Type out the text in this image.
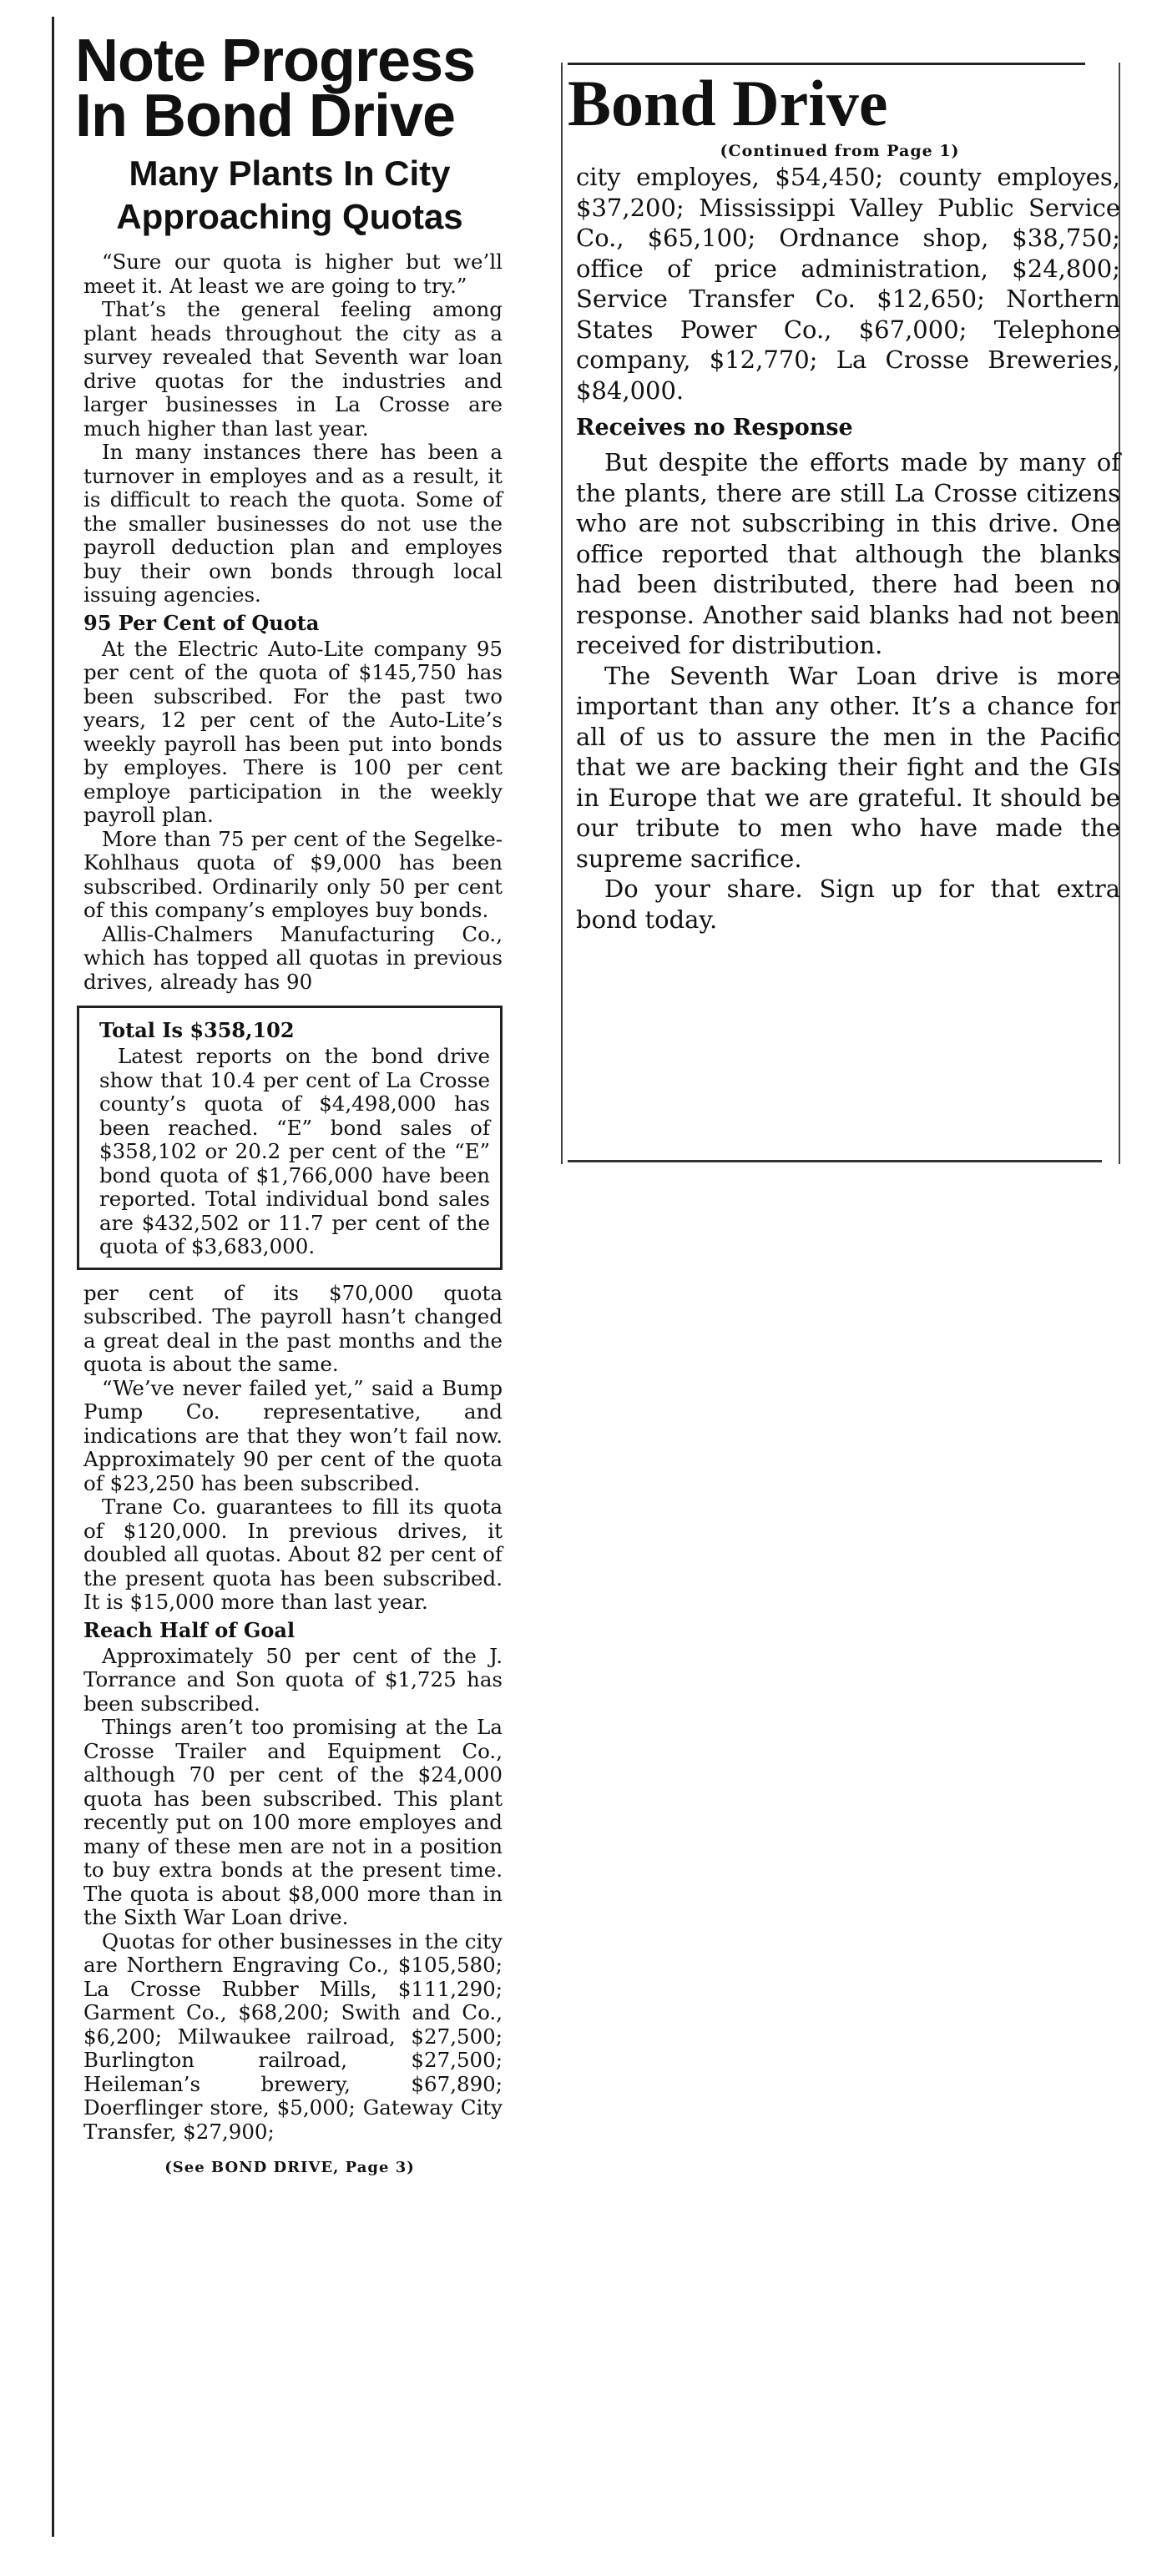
Note Progress
In Bond Drive
Many Plants In City
Approaching Quotas

“Sure our quota is higher but we’ll meet it. At least we are going to try.”

That’s the general feeling among plant heads throughout the city as a survey revealed that Seventh war loan drive quotas for the industries and larger businesses in La Crosse are much higher than last year.

In many instances there has been a turnover in employes and as a result, it is difficult to reach the quota. Some of the smaller businesses do not use the payroll deduction plan and employes buy their own bonds through local issuing agencies.

95 Per Cent of Quota

At the Electric Auto-Lite company 95 per cent of the quota of $145,750 has been subscribed. For the past two years, 12 per cent of the Auto-Lite’s weekly payroll has been put into bonds by employes. There is 100 per cent employe participation in the weekly payroll plan.

More than 75 per cent of the Segelke-Kohlhaus quota of $9,000 has been subscribed. Ordinarily only 50 per cent of this company’s employes buy bonds.

Allis-Chalmers Manufacturing Co., which has topped all quotas in previous drives, already has 90

Total Is $358,102

Latest reports on the bond drive show that 10.4 per cent of La Crosse county’s quota of $4,498,000 has been reached. “E” bond sales of $358,102 or 20.2 per cent of the “E” bond quota of $1,766,000 have been reported. Total individual bond sales are $432,502 or 11.7 per cent of the quota of $3,683,000.

per cent of its $70,000 quota subscribed. The payroll hasn’t changed a great deal in the past months and the quota is about the same.

“We’ve never failed yet,” said a Bump Pump Co. representative, and indications are that they won’t fail now. Approximately 90 per cent of the quota of $23,250 has been subscribed.

Trane Co. guarantees to fill its quota of $120,000. In previous drives, it doubled all quotas. About 82 per cent of the present quota has been subscribed. It is $15,000 more than last year.

Reach Half of Goal

Approximately 50 per cent of the J. Torrance and Son quota of $1,725 has been subscribed.

Things aren’t too promising at the La Crosse Trailer and Equipment Co., although 70 per cent of the $24,000 quota has been subscribed. This plant recently put on 100 more employes and many of these men are not in a position to buy extra bonds at the present time. The quota is about $8,000 more than in the Sixth War Loan drive.

Quotas for other businesses in the city are Northern Engraving Co., $105,580; La Crosse Rubber Mills, $111,290; Garment Co., $68,200; Swith and Co., $6,200; Milwaukee railroad, $27,500; Burlington railroad, $27,500; Heileman’s brewery, $67,890; Doerflinger store, $5,000; Gateway City Transfer, $27,900;

(See BOND DRIVE, Page 3)
Bond Drive
(Continued from Page 1)

city employes, $54,450; county employes, $37,200; Mississippi Valley Public Service Co., $65,100; Ordnance shop, $38,750; office of price administration, $24,800; Service Transfer Co. $12,650; Northern States Power Co., $67,000; Telephone company, $12,770; La Crosse Breweries, $84,000.

Receives no Response

But despite the efforts made by many of the plants, there are still La Crosse citizens who are not subscribing in this drive. One office reported that although the blanks had been distributed, there had been no response. Another said blanks had not been received for distribution.

The Seventh War Loan drive is more important than any other. It’s a chance for all of us to assure the men in the Pacific that we are backing their fight and the GIs in Europe that we are grateful. It should be our tribute to men who have made the supreme sacrifice.

Do your share. Sign up for that extra bond today.
